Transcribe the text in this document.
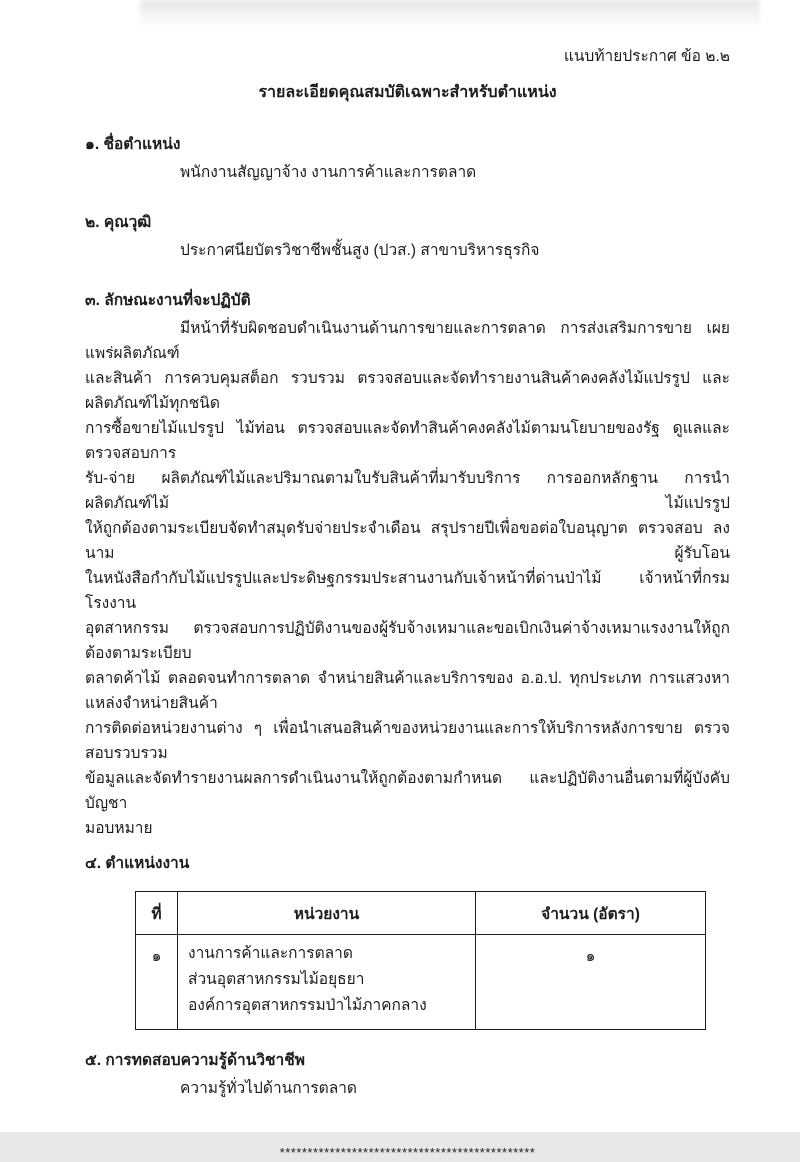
แนบท้ายประกาศ ข้อ ๒.๒
รายละเอียดคุณสมบัติเฉพาะสำหรับตำแหน่ง
๑. ชื่อตำแหน่ง
พนักงานสัญญาจ้าง งานการค้าและการตลาด
๒. คุณวุฒิ
ประกาศนียบัตรวิชาชีพชั้นสูง (ปวส.) สาขาบริหารธุรกิจ
๓. ลักษณะงานที่จะปฏิบัติ
มีหน้าที่รับผิดชอบดำเนินงานด้านการขายและการตลาด การส่งเสริมการขาย เผยแพร่ผลิตภัณฑ์
และสินค้า การควบคุมสต็อก รวบรวม ตรวจสอบและจัดทำรายงานสินค้าคงคลังไม้แปรรูป และผลิตภัณฑ์ไม้ทุกชนิด
การซื้อขายไม้แปรรูป ไม้ท่อน ตรวจสอบและจัดทำสินค้าคงคลังไม้ตามนโยบายของรัฐ ดูแลและตรวจสอบการ
รับ-จ่าย ผลิตภัณฑ์ไม้และปริมาณตามใบรับสินค้าที่มารับบริการ การออกหลักฐาน การนำผลิตภัณฑ์ไม้ ไม้แปรรูป
ให้ถูกต้องตามระเบียบจัดทำสมุดรับจ่ายประจำเดือน สรุปรายปีเพื่อขอต่อใบอนุญาต ตรวจสอบ ลงนาม ผู้รับโอน
ในหนังสือกำกับไม้แปรรูปและประดิษฐกรรมประสานงานกับเจ้าหน้าที่ด่านป่าไม้ เจ้าหน้าที่กรมโรงงาน
อุตสาหกรรม ตรวจสอบการปฏิบัติงานของผู้รับจ้างเหมาและขอเบิกเงินค่าจ้างเหมาแรงงานให้ถูกต้องตามระเบียบ
ตลาดค้าไม้ ตลอดจนทำการตลาด จำหน่ายสินค้าและบริการของ อ.อ.ป. ทุกประเภท การแสวงหาแหล่งจำหน่ายสินค้า
การติดต่อหน่วยงานต่าง ๆ เพื่อนำเสนอสินค้าของหน่วยงานและการให้บริการหลังการขาย ตรวจสอบรวบรวม
ข้อมูลและจัดทำรายงานผลการดำเนินงานให้ถูกต้องตามกำหนด และปฏิบัติงานอื่นตามที่ผู้บังคับบัญชา
มอบหมาย
๔. ตำแหน่งงาน
ที่	หน่วยงาน	จำนวน (อัตรา)
๑	งานการค้าและการตลาด
ส่วนอุตสาหกรรมไม้อยุธยา
องค์การอุตสาหกรรมป่าไม้ภาคกลาง	๑
๕. การทดสอบความรู้ด้านวิชาชีพ
ความรู้ทั่วไปด้านการตลาด
**********************************************
